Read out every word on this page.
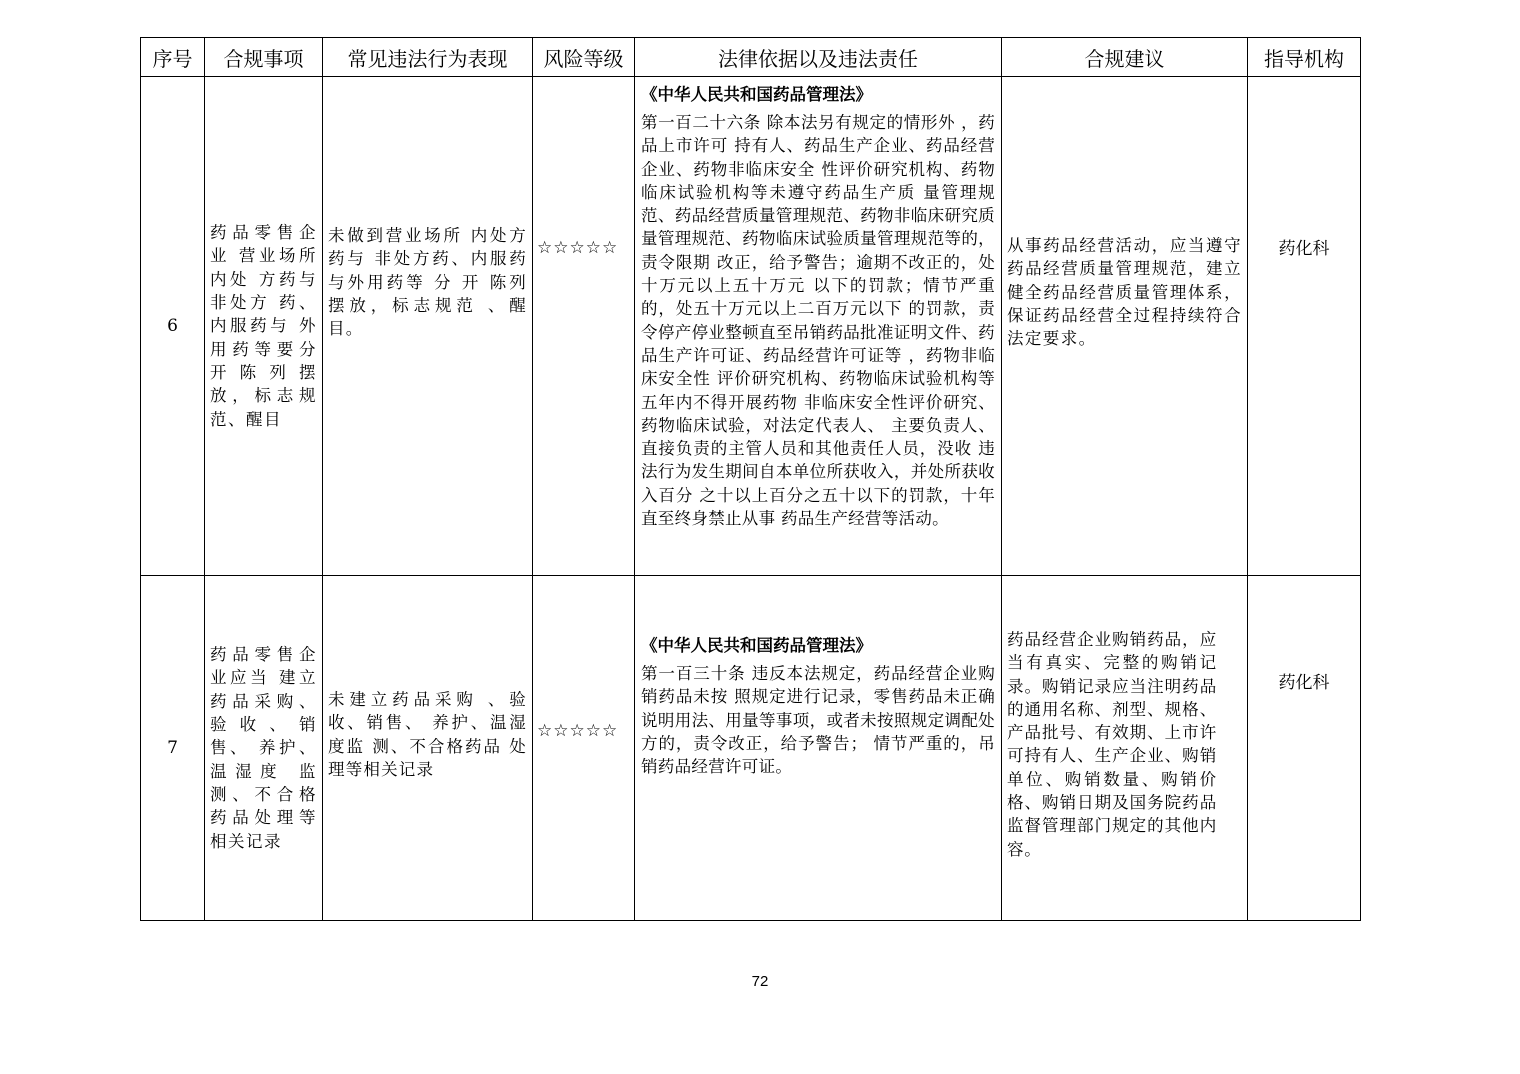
序号	合规事项	常见违法行为表现	风险等级	法律依据以及违法责任	合规建议	指导机构
6	药品零售企业 营业场所内处 方药与非处方 药、内服药与 外用药等要分 开 陈 列 摆 放，标志规 范、醒目	未做到营业场所 内处方药与 非处方药、内服药与外用药等 分 开 陈列 摆放，标志规范 、醒目。	☆☆☆☆☆	《中华人民共和国药品管理法》
第一百二十六条 除本法另有规定的情形外 ，药品上市许可 持有人、药品生产企业、药品经营企业、药物非临床安全 性评价研究机构、药物临床试验机构等未遵守药品生产质 量管理规范、药品经营质量管理规范、药物非临床研究质 量管理规范、药物临床试验质量管理规范等的，责令限期 改正，给予警告；逾期不改正的，处十万元以上五十万元 以下的罚款；情节严重的，处五十万元以上二百万元以下 的罚款，责令停产停业整顿直至吊销药品批准证明文件、药品生产许可证、药品经营许可证等 ，药物非临床安全性 评价研究机构、药物临床试验机构等五年内不得开展药物 非临床安全性评价研究、药物临床试验，对法定代表人、 主要负责人、直接负责的主管人员和其他责任人员，没收 违法行为发生期间自本单位所获收入，并处所获收入百分 之十以上百分之五十以下的罚款，十年直至终身禁止从事 药品生产经营等活动。	从事药品经营活动，应当遵守药品经营质量管理规范，建立健全药品经营质量管理体系，保证药品经营全过程持续符合法定要求。	药化科

7	药品零售企业应当 建立药品采购、 验收、销售、 养护、温湿度 监测、不合格 药品处理等相关记录	未建立药品采购 、验收、销售、 养护、温湿度监 测、不合格药品 处理等相关记录	☆☆☆☆☆	《中华人民共和国药品管理法》
第一百三十条 违反本法规定，药品经营企业购销药品未按 照规定进行记录，零售药品未正确说明用法、用量等事项，或者未按照规定调配处方的，责令改正，给予警告； 情节严重的，吊销药品经营许可证。	药品经营企业购销药品，应当有真实、完整的购销记录。购销记录应当注明药品的通用名称、剂型、规格、产品批号、有效期、上市许可持有人、生产企业、购销单位、购销数量、购销价格、购销日期及国务院药品监督管理部门规定的其他内容。	药化科
72
